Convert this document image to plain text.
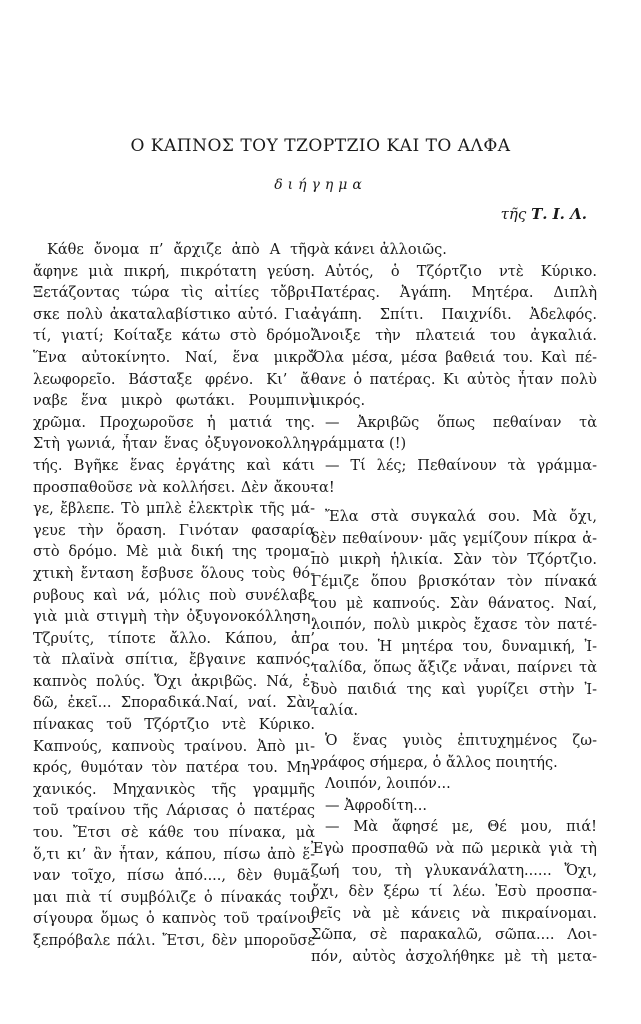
Ο ΚΑΠΝΟΣ ΤΟΥ ΤΖΟΡΤΖΙΟ ΚΑΙ ΤΟ ΑΛΦΑ
διήγημα
τῆς Τ. Ι. Λ.
Κάθε ὄνομα π’ ἄρχιζε ἀπὸ Α τῆς
ἄφηνε μιὰ πικρή, πικρότατη γεύση.
Ξετάζοντας τώρα τὶς αἰτίες τὄβρι-
σκε πολὺ ἀκαταλαβίστικο αὐτό. Για-
τί, γιατί; Κοίταξε κάτω στὸ δρόμο.
Ἕνα αὐτοκίνητο. Ναί, ἕνα μικρὸ
λεωφορεῖο. Βάσταξε φρένο. Κι’ ἄ-
ναβε ἕνα μικρὸ φωτάκι. Ρουμπινὶ
χρῶμα. Προχωροῦσε ἡ ματιά της.
Στὴ γωνιά, ἦταν ἕνας ὀξυγονοκολλη-
τής. Βγῆκε ἕνας ἐργάτης καὶ κάτι
προσπαθοῦσε νὰ κολλήσει. Δὲν ἄκου-
γε, ἔβλεπε. Τὸ μπλὲ ἐλεκτρὶκ τῆς μά-
γευε τὴν ὅραση. Γινόταν φασαρία
στὸ δρόμο. Μὲ μιὰ δική της τρομα-
χτικὴ ἔνταση ἔσβυσε ὅλους τοὺς θό-
ρυβους καὶ νά, μόλις ποὺ συνέλαβε
γιὰ μιὰ στιγμὴ τὴν ὀξυγονοκόλληση.
Τζρυίτς, τίποτε ἄλλο. Κάπου, ἀπ’
τὰ πλαϊνὰ σπίτια, ἔβγαινε καπνός,
καπνὸς πολύς. Ὄχι ἀκριβῶς. Νά, ἐ-
δῶ, ἐκεῖ... Σποραδικά.Ναί, ναί. Σὰν
πίνακας τοῦ Τζόρτζιο ντὲ Κύρικο.
Καπνούς, καπνοὺς τραίνου. Ἀπὸ μι-
κρός, θυμόταν τὸν πατέρα του. Μη-
χανικός. Μηχανικὸς τῆς γραμμῆς
τοῦ τραίνου τῆς Λάρισας ὁ πατέρας
του. Ἔτσι σὲ κάθε του πίνακα, μὰ
ὅ,τι κι’ ἂν ἦταν, κάπου, πίσω ἀπὸ ἕ-
ναν τοῖχο, πίσω ἀπό...., δὲν θυμᾶ-
μαι πιὰ τί συμβόλιζε ὁ πίνακάς του
σίγουρα ὅμως ὁ καπνὸς τοῦ τραίνου
ξεπρόβαλε πάλι. Ἔτσι, δὲν μποροῦσε
νὰ κάνει ἀλλοιῶς.
Αὐτός, ὁ Τζόρτζιο ντὲ Κύρικο.
Πατέρας. Ἀγάπη. Μητέρα. Διπλὴ
ἀγάπη. Σπίτι. Παιχνίδι. Ἀδελφός.
Ἄνοιξε τὴν πλατειά του ἀγκαλιά.
Ὅλα μέσα, μέσα βαθειά του. Καὶ πέ-
θανε ὁ πατέρας. Κι αὐτὸς ἦταν πολὺ
μικρός.
— Ἀκριβῶς ὅπως πεθαίναν τὰ
γράμματα (!)
— Τί λές; Πεθαίνουν τὰ γράμμα-
τα!
Ἔλα στὰ συγκαλά σου. Μὰ ὄχι,
δὲν πεθαίνουν· μᾶς γεμίζουν πίκρα ἀ-
πὸ μικρὴ ἡλικία. Σὰν τὸν Τζόρτζιο.
Γέμιζε ὅπου βρισκόταν τὸν πίνακά
του μὲ καπνούς. Σὰν θάνατος. Ναί,
λοιπόν, πολὺ μικρὸς ἔχασε τὸν πατέ-
ρα του. Ἡ μητέρα του, δυναμική, Ἰ-
ταλίδα, ὅπως ἄξιζε νἆναι, παίρνει τὰ
δυὸ παιδιά της καὶ γυρίζει στὴν Ἰ-
ταλία.
Ὁ ἕνας γυιὸς ἐπιτυχημένος ζω-
γράφος σήμερα, ὁ ἄλλος ποιητής.
Λοιπόν, λοιπόν...
— Ἀφροδίτη...
— Μὰ ἄφησέ με, Θέ μου, πιά!
Ἐγὼ προσπαθῶ νὰ πῶ μερικὰ γιὰ τὴ
ζωή του, τὴ γλυκανάλατη...... Ὄχι,
ὄχι, δὲν ξέρω τί λέω. Ἐσὺ προσπα-
θεῖς νὰ μὲ κάνεις νὰ πικραίνομαι.
Σῶπα, σὲ παρακαλῶ, σῶπα.... Λοι-
πόν, αὐτὸς ἀσχολήθηκε μὲ τὴ μετα-
